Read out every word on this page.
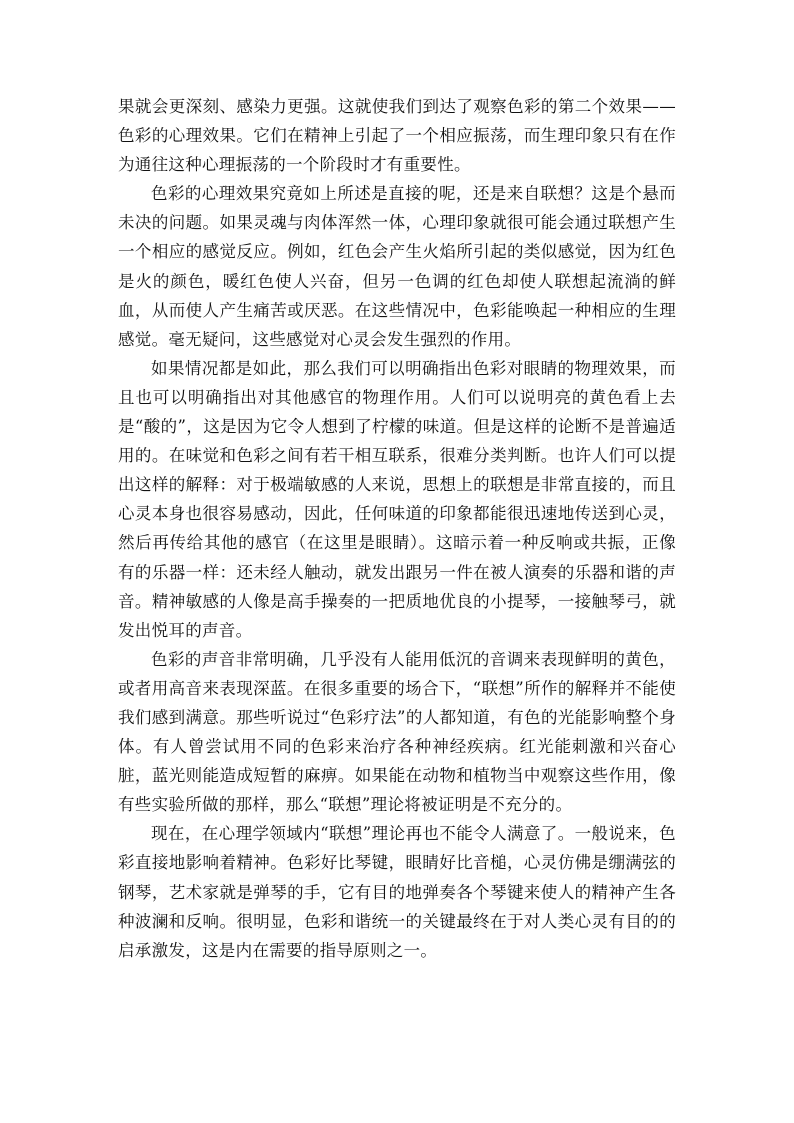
果就会更深刻、感染力更强。这就使我们到达了观察色彩的第二个效果——色彩的心理效果。它们在精神上引起了一个相应振荡，而生理印象只有在作为通往这种心理振荡的一个阶段时才有重要性。

色彩的心理效果究竟如上所述是直接的呢，还是来自联想？这是个悬而未决的问题。如果灵魂与肉体浑然一体，心理印象就很可能会通过联想产生一个相应的感觉反应。例如，红色会产生火焰所引起的类似感觉，因为红色是火的颜色，暖红色使人兴奋，但另一色调的红色却使人联想起流淌的鲜血，从而使人产生痛苦或厌恶。在这些情况中，色彩能唤起一种相应的生理感觉。毫无疑问，这些感觉对心灵会发生强烈的作用。

如果情况都是如此，那么我们可以明确指出色彩对眼睛的物理效果，而且也可以明确指出对其他感官的物理作用。人们可以说明亮的黄色看上去是“酸的”，这是因为它令人想到了柠檬的味道。但是这样的论断不是普遍适用的。在味觉和色彩之间有若干相互联系，很难分类判断。也许人们可以提出这样的解释：对于极端敏感的人来说，思想上的联想是非常直接的，而且心灵本身也很容易感动，因此，任何味道的印象都能很迅速地传送到心灵，然后再传给其他的感官（在这里是眼睛）。这暗示着一种反响或共振，正像有的乐器一样：还未经人触动，就发出跟另一件在被人演奏的乐器和谐的声音。精神敏感的人像是高手操奏的一把质地优良的小提琴，一接触琴弓，就发出悦耳的声音。

色彩的声音非常明确，几乎没有人能用低沉的音调来表现鲜明的黄色，或者用高音来表现深蓝。在很多重要的场合下，“联想”所作的解释并不能使我们感到满意。那些听说过“色彩疗法”的人都知道，有色的光能影响整个身体。有人曾尝试用不同的色彩来治疗各种神经疾病。红光能刺激和兴奋心脏，蓝光则能造成短暂的麻痹。如果能在动物和植物当中观察这些作用，像有些实验所做的那样，那么“联想”理论将被证明是不充分的。

现在，在心理学领域内“联想”理论再也不能令人满意了。一般说来，色彩直接地影响着精神。色彩好比琴键，眼睛好比音槌，心灵仿佛是绷满弦的钢琴，艺术家就是弹琴的手，它有目的地弹奏各个琴键来使人的精神产生各种波澜和反响。很明显，色彩和谐统一的关键最终在于对人类心灵有目的的启承激发，这是内在需要的指导原则之一。
